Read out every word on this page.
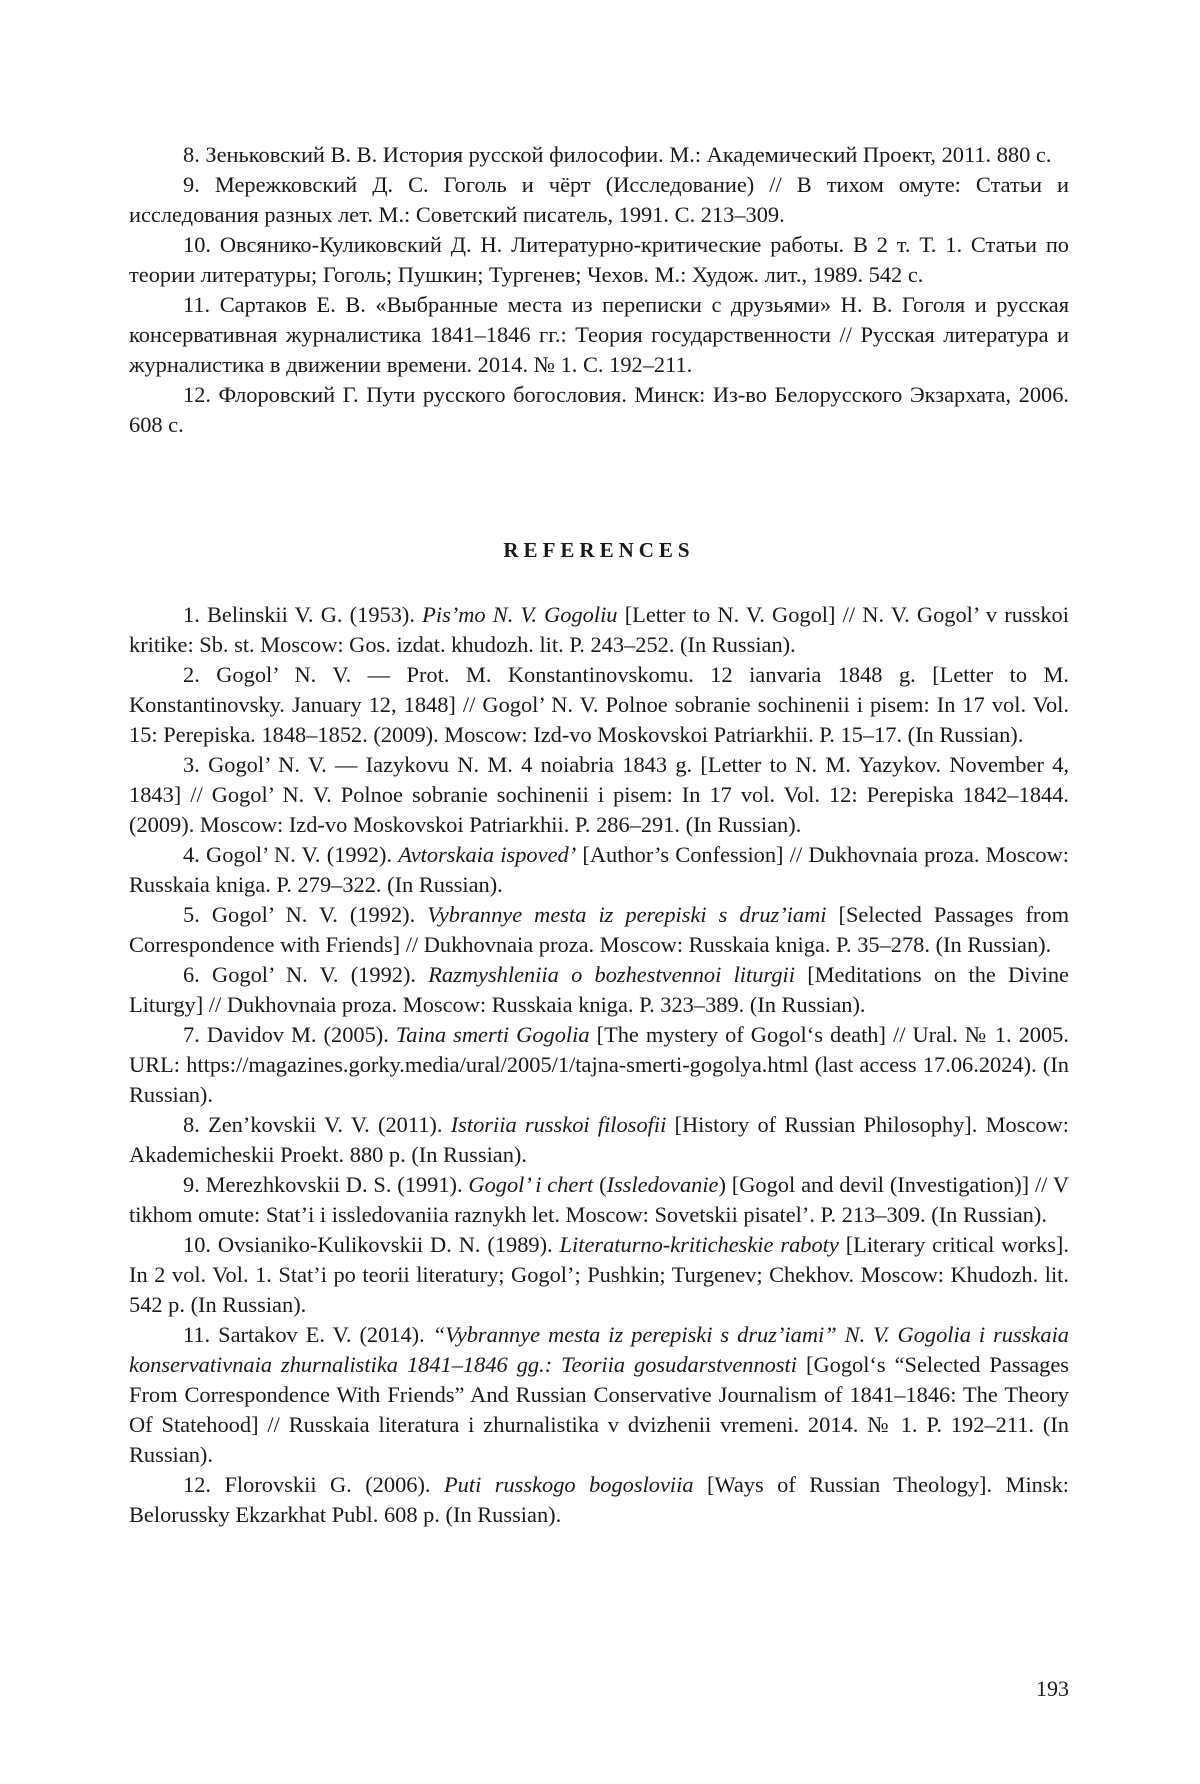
8. Зеньковский В. В. История русской философии. М.: Академический Проект, 2011. 880 с.

9. Мережковский Д. С. Гоголь и чёрт (Исследование) // В тихом омуте: Статьи и исследования разных лет. М.: Советский писатель, 1991. С. 213–309.

10. Овсянико-Куликовский Д. Н. Литературно-критические работы. В 2 т. Т. 1. Статьи по теории литературы; Гоголь; Пушкин; Тургенев; Чехов. М.: Худож. лит., 1989. 542 с.

11. Сартаков Е. В. «Выбранные места из переписки с друзьями» Н. В. Гоголя и русская консервативная журналистика 1841–1846 гг.: Теория государственности // Русская литература и журналистика в движении времени. 2014. № 1. С. 192–211.

12. Флоровский Г. Пути русского богословия. Минск: Из-во Белорусского Экзархата, 2006. 608 с.

REFERENCES

1. Belinskii V. G. (1953). Pis’mo N. V. Gogoliu [Letter to N. V. Gogol] // N. V. Gogol’ v russkoi kritike: Sb. st. Moscow: Gos. izdat. khudozh. lit. P. 243–252. (In Russian).

2. Gogol’ N. V. — Prot. M. Konstantinovskomu. 12 ianvaria 1848 g. [Letter to M. Konstantinovsky. January 12, 1848] // Gogol’ N. V. Polnoe sobranie sochinenii i pisem: In 17 vol. Vol. 15: Perepiska. 1848–1852. (2009). Moscow: Izd-vo Moskovskoi Patriarkhii. P. 15–17. (In Russian).

3. Gogol’ N. V. — Iazykovu N. M. 4 noiabria 1843 g. [Letter to N. M. Yazykov. November 4, 1843] // Gogol’ N. V. Polnoe sobranie sochinenii i pisem: In 17 vol. Vol. 12: Perepiska 1842–1844. (2009). Moscow: Izd-vo Moskovskoi Patriarkhii. P. 286–291. (In Russian).

4. Gogol’ N. V. (1992). Avtorskaia ispoved’ [Author’s Confession] // Dukhovnaia proza. Moscow: Russkaia kniga. P. 279–322. (In Russian).

5. Gogol’ N. V. (1992). Vybrannye mesta iz perepiski s druz’iami [Selected Passages from Correspondence with Friends] // Dukhovnaia proza. Moscow: Russkaia kniga. P. 35–278. (In Russian).

6. Gogol’ N. V. (1992). Razmyshleniia o bozhestvennoi liturgii [Meditations on the Divine Liturgy] // Dukhovnaia proza. Moscow: Russkaia kniga. P. 323–389. (In Russian).

7. Davidov M. (2005). Taina smerti Gogolia [The mystery of Gogol‘s death] // Ural. № 1. 2005. URL: https://magazines.gorky.media/ural/2005/1/tajna-smerti-gogolya.html (last access 17.06.2024). (In Russian).

8. Zen’kovskii V. V. (2011). Istoriia russkoi filosofii [History of Russian Philosophy]. Moscow: Akademicheskii Proekt. 880 p. (In Russian).

9. Merezhkovskii D. S. (1991). Gogol’ i chert (Issledovanie) [Gogol and devil (Investigation)] // V tikhom omute: Stat’i i issledovaniia raznykh let. Moscow: Sovetskii pisatel’. P. 213–309. (In Russian).

10. Ovsianiko-Kulikovskii D. N. (1989). Literaturno-kriticheskie raboty [Literary critical works]. In 2 vol. Vol. 1. Stat’i po teorii literatury; Gogol’; Pushkin; Turgenev; Chekhov. Moscow: Khudozh. lit. 542 p. (In Russian).

11. Sartakov E. V. (2014). “Vybrannye mesta iz perepiski s druz’iami” N. V. Gogolia i russkaia konservativnaia zhurnalistika 1841–1846 gg.: Teoriia gosudarstvennosti [Gogol‘s “Selected Passages From Correspondence With Friends” And Russian Conservative Journalism of 1841–1846: The Theory Of Statehood] // Russkaia literatura i zhurnalistika v dvizhenii vremeni. 2014. № 1. P. 192–211. (In Russian).

12. Florovskii G. (2006). Puti russkogo bogosloviia [Ways of Russian Theology]. Minsk: Belorussky Ekzarkhat Publ. 608 p. (In Russian).

193
